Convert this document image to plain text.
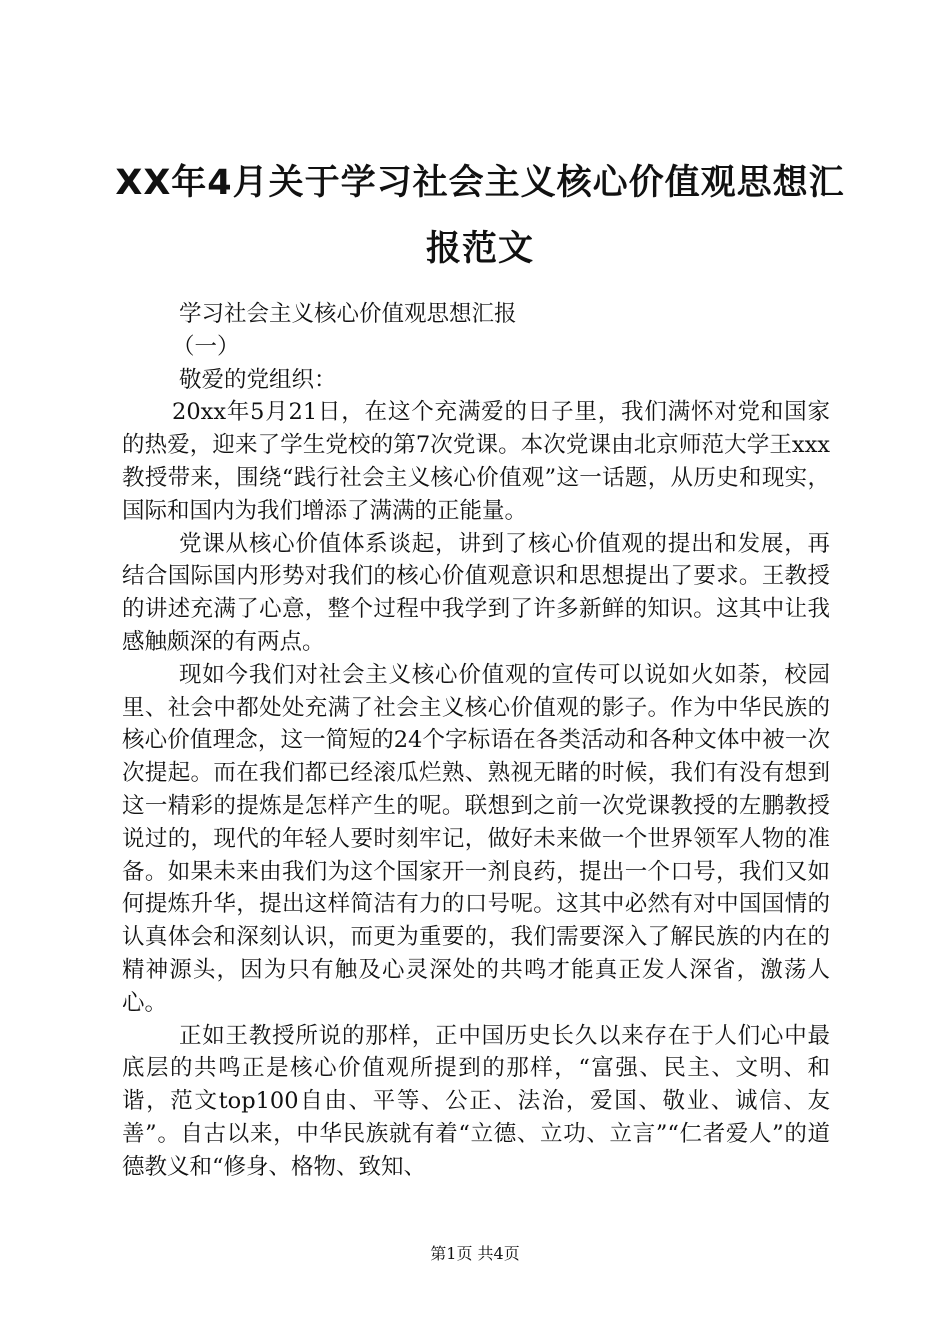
XX年4月关于学习社会主义核心价值观思想汇报范文

学习社会主义核心价值观思想汇报

（一）

敬爱的党组织：

20xx年5月21日，在这个充满爱的日子里，我们满怀对党和国家的热爱，迎来了学生党校的第7次党课。本次党课由北京师范大学王xxx教授带来，围绕“践行社会主义核心价值观”这一话题，从历史和现实，国际和国内为我们增添了满满的正能量。

党课从核心价值体系谈起，讲到了核心价值观的提出和发展，再结合国际国内形势对我们的核心价值观意识和思想提出了要求。王教授的讲述充满了心意，整个过程中我学到了许多新鲜的知识。这其中让我感触颇深的有两点。

现如今我们对社会主义核心价值观的宣传可以说如火如荼，校园里、社会中都处处充满了社会主义核心价值观的影子。作为中华民族的核心价值理念，这一简短的24个字标语在各类活动和各种文体中被一次次提起。而在我们都已经滚瓜烂熟、熟视无睹的时候，我们有没有想到这一精彩的提炼是怎样产生的呢。联想到之前一次党课教授的左鹏教授说过的，现代的年轻人要时刻牢记，做好未来做一个世界领军人物的准备。如果未来由我们为这个国家开一剂良药，提出一个口号，我们又如何提炼升华，提出这样简洁有力的口号呢。这其中必然有对中国国情的认真体会和深刻认识，而更为重要的，我们需要深入了解民族的内在的精神源头，因为只有触及心灵深处的共鸣才能真正发人深省，激荡人心。

正如王教授所说的那样，正中国历史长久以来存在于人们心中最底层的共鸣正是核心价值观所提到的那样，“富强、民主、文明、和谐，范文top100自由、平等、公正、法治，爱国、敬业、诚信、友善”。自古以来，中华民族就有着“立德、立功、立言”“仁者爱人”的道德教义和“修身、格物、致知、

第1页 共4页
